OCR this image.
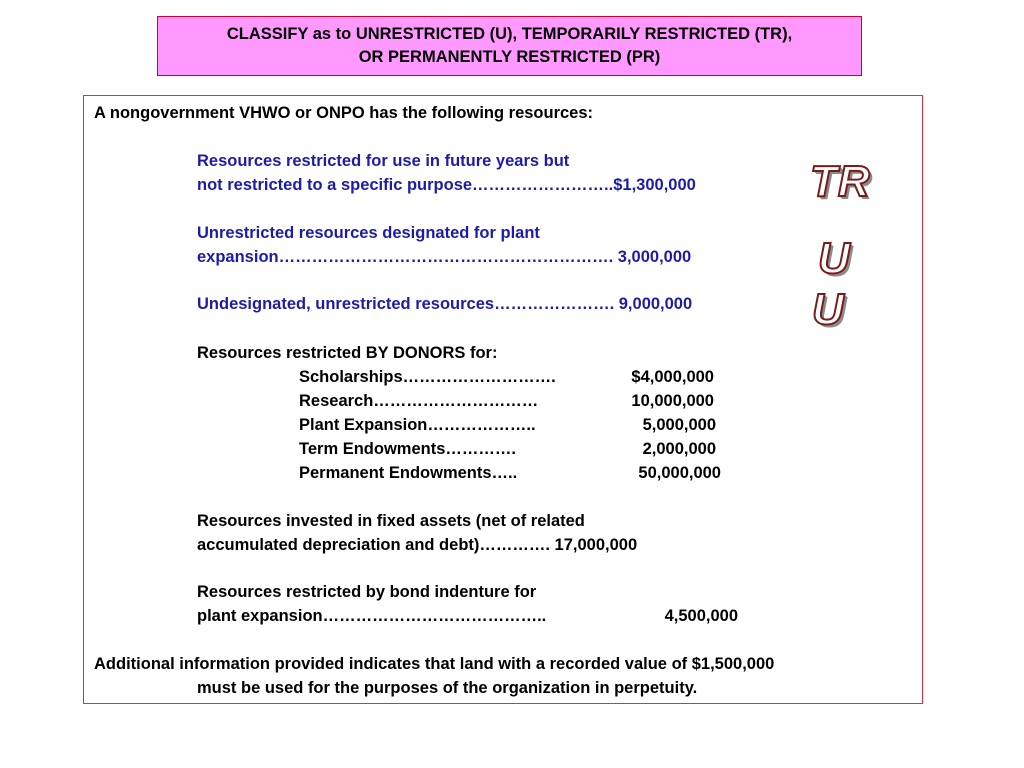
CLASSIFY as to UNRESTRICTED (U), TEMPORARILY RESTRICTED (TR),
OR PERMANENTLY RESTRICTED (PR)
A nongovernment VHWO or ONPO has the following resources:
Resources restricted for use in future years but
not restricted to a specific purpose……………………..$1,300,000	TR
Unrestricted resources designated for plant
expansion……………………………………………………. 3,000,000	U
Undesignated, unrestricted resources…………………. 9,000,000	U
Resources restricted BY DONORS for:
Scholarships……………………….	$4,000,000
Research…………………………	10,000,000
Plant Expansion………………..	5,000,000
Term Endowments………….	2,000,000
Permanent Endowments…..	50,000,000
Resources invested in fixed assets (net of related
accumulated depreciation and debt)…………. 17,000,000
Resources restricted by bond indenture for
plant expansion…………………………………..	4,500,000
Additional information provided indicates that land with a recorded value of $1,500,000
must be used for the purposes of the organization in perpetuity.
